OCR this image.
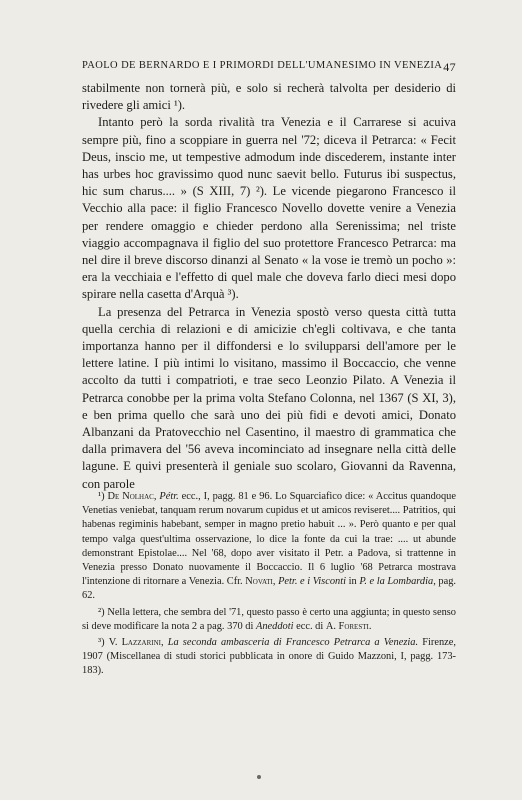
PAOLO DE BERNARDO E I PRIMORDI DELL'UMANESIMO IN VENEZIA 47

stabilmente non tornerà più, e solo si recherà talvolta per desiderio di rivedere gli amici ¹).

Intanto però la sorda rivalità tra Venezia e il Carrarese si acuiva sempre più, fino a scoppiare in guerra nel '72; diceva il Petrarca: « Fecit Deus, inscio me, ut tempestive admodum inde discederem, instante inter has urbes hoc gravissimo quod nunc saevit bello. Futurus ibi suspectus, hic sum charus.... » (S XIII, 7) ²). Le vicende piegarono Francesco il Vecchio alla pace: il figlio Francesco Novello dovette venire a Venezia per rendere omaggio e chieder perdono alla Serenissima; nel triste viaggio accompagnava il figlio del suo protettore Francesco Petrarca: ma nel dire il breve discorso dinanzi al Senato « la vose ie tremò un pocho »: era la vecchiaia e l'effetto di quel male che doveva farlo dieci mesi dopo spirare nella casetta d'Arquà ³).

La presenza del Petrarca in Venezia spostò verso questa città tutta quella cerchia di relazioni e di amicizie ch'egli coltivava, e che tanta importanza hanno per il diffondersi e lo svilupparsi dell'amore per le lettere latine. I più intimi lo visitano, massimo il Boccaccio, che venne accolto da tutti i compatrioti, e trae seco Leonzio Pilato. A Venezia il Petrarca conobbe per la prima volta Stefano Colonna, nel 1367 (S XI, 3), e ben prima quello che sarà uno dei più fidi e devoti amici, Donato Albanzani da Pratovecchio nel Casentino, il maestro di grammatica che dalla primavera del '56 aveva incominciato ad insegnare nella città delle lagune. E quivi presenterà il geniale suo scolaro, Giovanni da Ravenna, con parole

¹) De Nolhac, Pétr. ecc., I, pagg. 81 e 96. Lo Squarciafico dice: « Accitus quandoque Venetias veniebat, tanquam rerum novarum cupidus et ut amicos reviseret.... Patritios, qui habenas regiminis habebant, semper in magno pretio habuit ... ». Però quanto e per qual tempo valga quest'ultima osservazione, lo dice la fonte da cui la trae: .... ut abunde demonstrant Epistolae.... Nel '68, dopo aver visitato il Petr. a Padova, si trattenne in Venezia presso Donato nuovamente il Boccaccio. Il 6 luglio '68 Petrarca mostrava l'intenzione di ritornare a Venezia. Cfr. Novati, Petr. e i Visconti in P. e la Lombardia, pag. 62.

²) Nella lettera, che sembra del '71, questo passo è certo una aggiunta; in questo senso si deve modificare la nota 2 a pag. 370 di Aneddoti ecc. di A. Foresti.

³) V. Lazzarini, La seconda ambasceria di Francesco Petrarca a Venezia. Firenze, 1907 (Miscellanea di studi storici pubblicata in onore di Guido Mazzoni, I, pagg. 173-183).
